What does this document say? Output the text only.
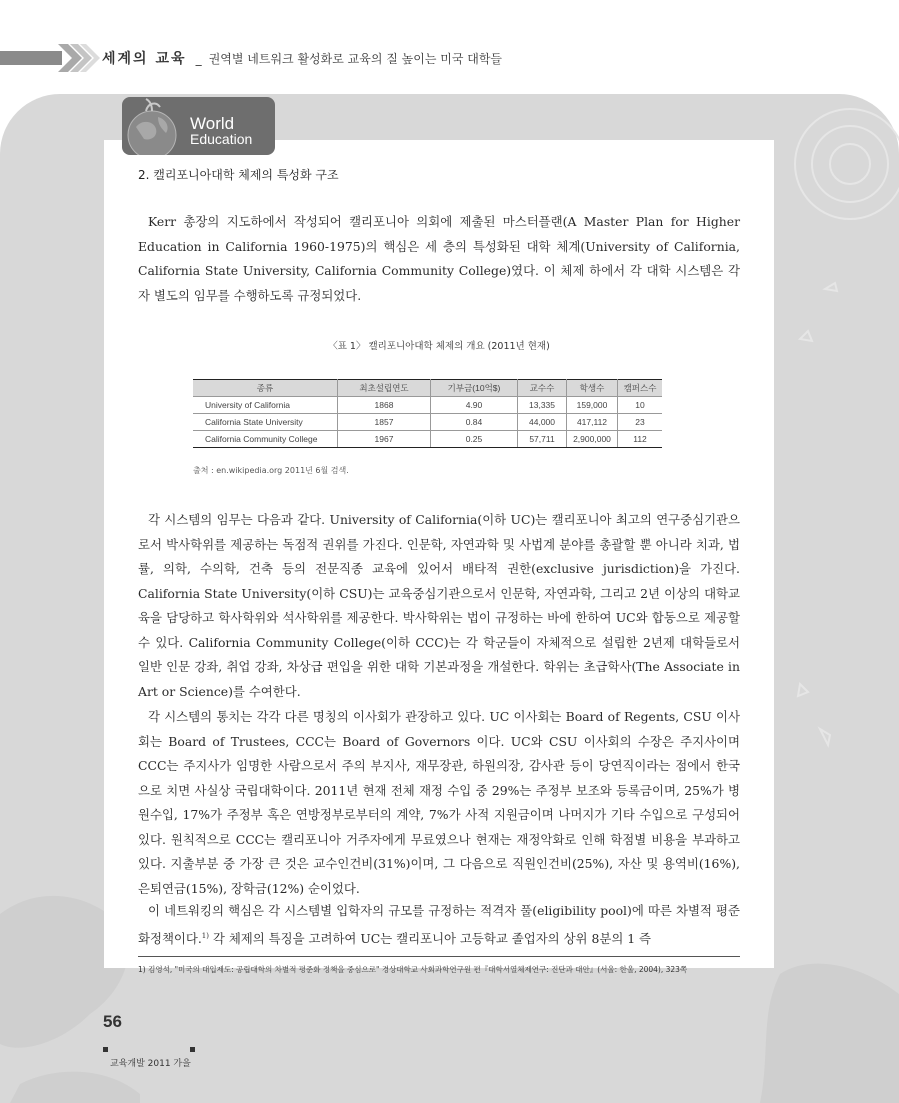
세계의 교육 _ 권역별 네트워크 활성화로 교육의 질 높이는 미국 대학들
World
Education
2. 캘리포니아대학 체제의 특성화 구조
Kerr 총장의 지도하에서 작성되어 캘리포니아 의회에 제출된 마스터플랜(A Master Plan for Higher Education in California 1960-1975)의 핵심은 세 층의 특성화된 대학 체계(University of California, California State University, California Community College)였다. 이 체제 하에서 각 대학 시스템은 각자 별도의 임무를 수행하도록 규정되었다.
〈표 1〉 캘리포니아대학 체제의 개요 (2011년 현재)
종류	최초설립연도	기부금(10억$)	교수수	학생수	캠퍼스수
University of California	1868	4.90	13,335	159,000	10
California State University	1857	0.84	44,000	417,112	23
California Community College	1967	0.25	57,711	2,900,000	112
출처 : en.wikipedia.org 2011년 6월 검색.
각 시스템의 임무는 다음과 같다. University of California(이하 UC)는 캘리포니아 최고의 연구중심기관으로서 박사학위를 제공하는 독점적 권위를 가진다. 인문학, 자연과학 및 사법계 분야를 총괄할 뿐 아니라 치과, 법률, 의학, 수의학, 건축 등의 전문직종 교육에 있어서 배타적 권한(exclusive jurisdiction)을 가진다. California State University(이하 CSU)는 교육중심기관으로서 인문학, 자연과학, 그리고 2년 이상의 대학교육을 담당하고 학사학위와 석사학위를 제공한다. 박사학위는 법이 규정하는 바에 한하여 UC와 합동으로 제공할 수 있다. California Community College(이하 CCC)는 각 학군들이 자체적으로 설립한 2년제 대학들로서 일반 인문 강좌, 취업 강좌, 차상급 편입을 위한 대학 기본과정을 개설한다. 학위는 초급학사(The Associate in Art or Science)를 수여한다.
각 시스템의 통치는 각각 다른 명칭의 이사회가 관장하고 있다. UC 이사회는 Board of Regents, CSU 이사회는 Board of Trustees, CCC는 Board of Governors 이다. UC와 CSU 이사회의 수장은 주지사이며 CCC는 주지사가 임명한 사람으로서 주의 부지사, 재무장관, 하원의장, 감사관 등이 당연직이라는 점에서 한국으로 치면 사실상 국립대학이다. 2011년 현재 전체 재정 수입 중 29%는 주정부 보조와 등록금이며, 25%가 병원수입, 17%가 주정부 혹은 연방정부로부터의 계약, 7%가 사적 지원금이며 나머지가 기타 수입으로 구성되어 있다. 원칙적으로 CCC는 캘리포니아 거주자에게 무료였으나 현재는 재정악화로 인해 학점별 비용을 부과하고 있다. 지출부분 중 가장 큰 것은 교수인건비(31%)이며, 그 다음으로 직원인건비(25%), 자산 및 용역비(16%), 은퇴연금(15%), 장학금(12%) 순이었다.
이 네트워킹의 핵심은 각 시스템별 입학자의 규모를 규정하는 적격자 풀(eligibility pool)에 따른 차별적 평준화정책이다.$^{1)}$ 각 체제의 특징을 고려하여 UC는 캘리포니아 고등학교 졸업자의 상위 8분의 1 즉
1) 김영석, "미국의 대입제도: 공립대학의 차별적 평준화 정책을 중심으로" 경상대학교 사회과학연구원 편『대학서열체제연구: 진단과 대안』(서울: 한울, 2004), 323쪽
56
교육개발 2011 가을
